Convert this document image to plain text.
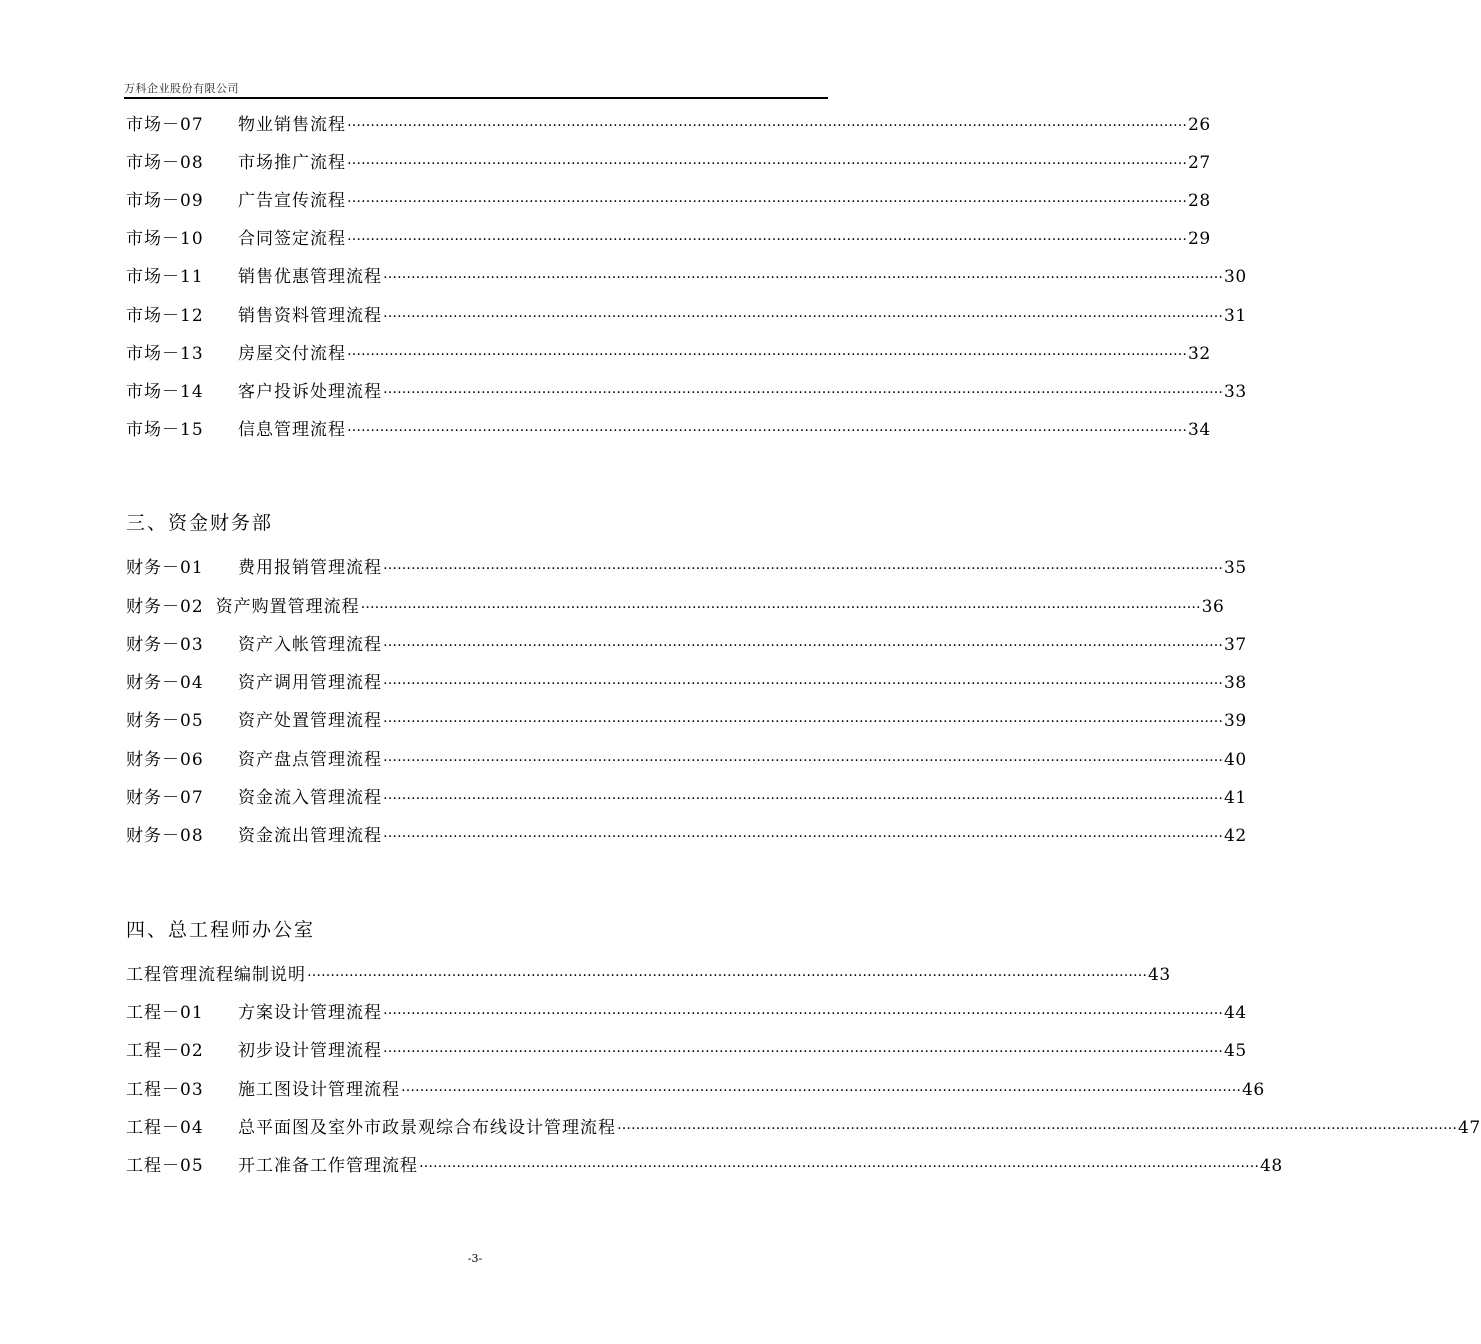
万科企业股份有限公司
市场－07	物业销售流程 ……………………………………………………………………………………………………………………………………………………………… 26
市场－08	市场推广流程 ……………………………………………………………………………………………………………………………………………………………… 27
市场－09	广告宣传流程 ……………………………………………………………………………………………………………………………………………………………… 28
市场－10	合同签定流程 ……………………………………………………………………………………………………………………………………………………………… 29
市场－11	销售优惠管理流程 ……………………………………………………………………………………………………………………………………………………………… 30
市场－12	销售资料管理流程 ……………………………………………………………………………………………………………………………………………………………… 31
市场－13	房屋交付流程 ……………………………………………………………………………………………………………………………………………………………… 32
市场－14	客户投诉处理流程 ……………………………………………………………………………………………………………………………………………………………… 33
市场－15	信息管理流程 ……………………………………………………………………………………………………………………………………………………………… 34
三、资金财务部
财务－01	费用报销管理流程 ……………………………………………………………………………………………………………………………………………………………… 35
财务－02 资产购置管理流程 ……………………………………………………………………………………………………………………………………………………………… 36
财务－03	资产入帐管理流程 ……………………………………………………………………………………………………………………………………………………………… 37
财务－04	资产调用管理流程 ……………………………………………………………………………………………………………………………………………………………… 38
财务－05	资产处置管理流程 ……………………………………………………………………………………………………………………………………………………………… 39
财务－06	资产盘点管理流程 ……………………………………………………………………………………………………………………………………………………………… 40
财务－07	资金流入管理流程 ……………………………………………………………………………………………………………………………………………………………… 41
财务－08	资金流出管理流程 ……………………………………………………………………………………………………………………………………………………………… 42
四、总工程师办公室
工程管理流程编制说明 ……………………………………………………………………………………………………………………………………………………………… 43
工程－01	方案设计管理流程 ……………………………………………………………………………………………………………………………………………………………… 44
工程－02	初步设计管理流程 ……………………………………………………………………………………………………………………………………………………………… 45
工程－03	施工图设计管理流程 ……………………………………………………………………………………………………………………………………………………………… 46
工程－04	总平面图及室外市政景观综合布线设计管理流程 ……………………………………………………………………………………………………………………………………………………………… 47
工程－05	开工准备工作管理流程 ……………………………………………………………………………………………………………………………………………………………… 48
-3-
